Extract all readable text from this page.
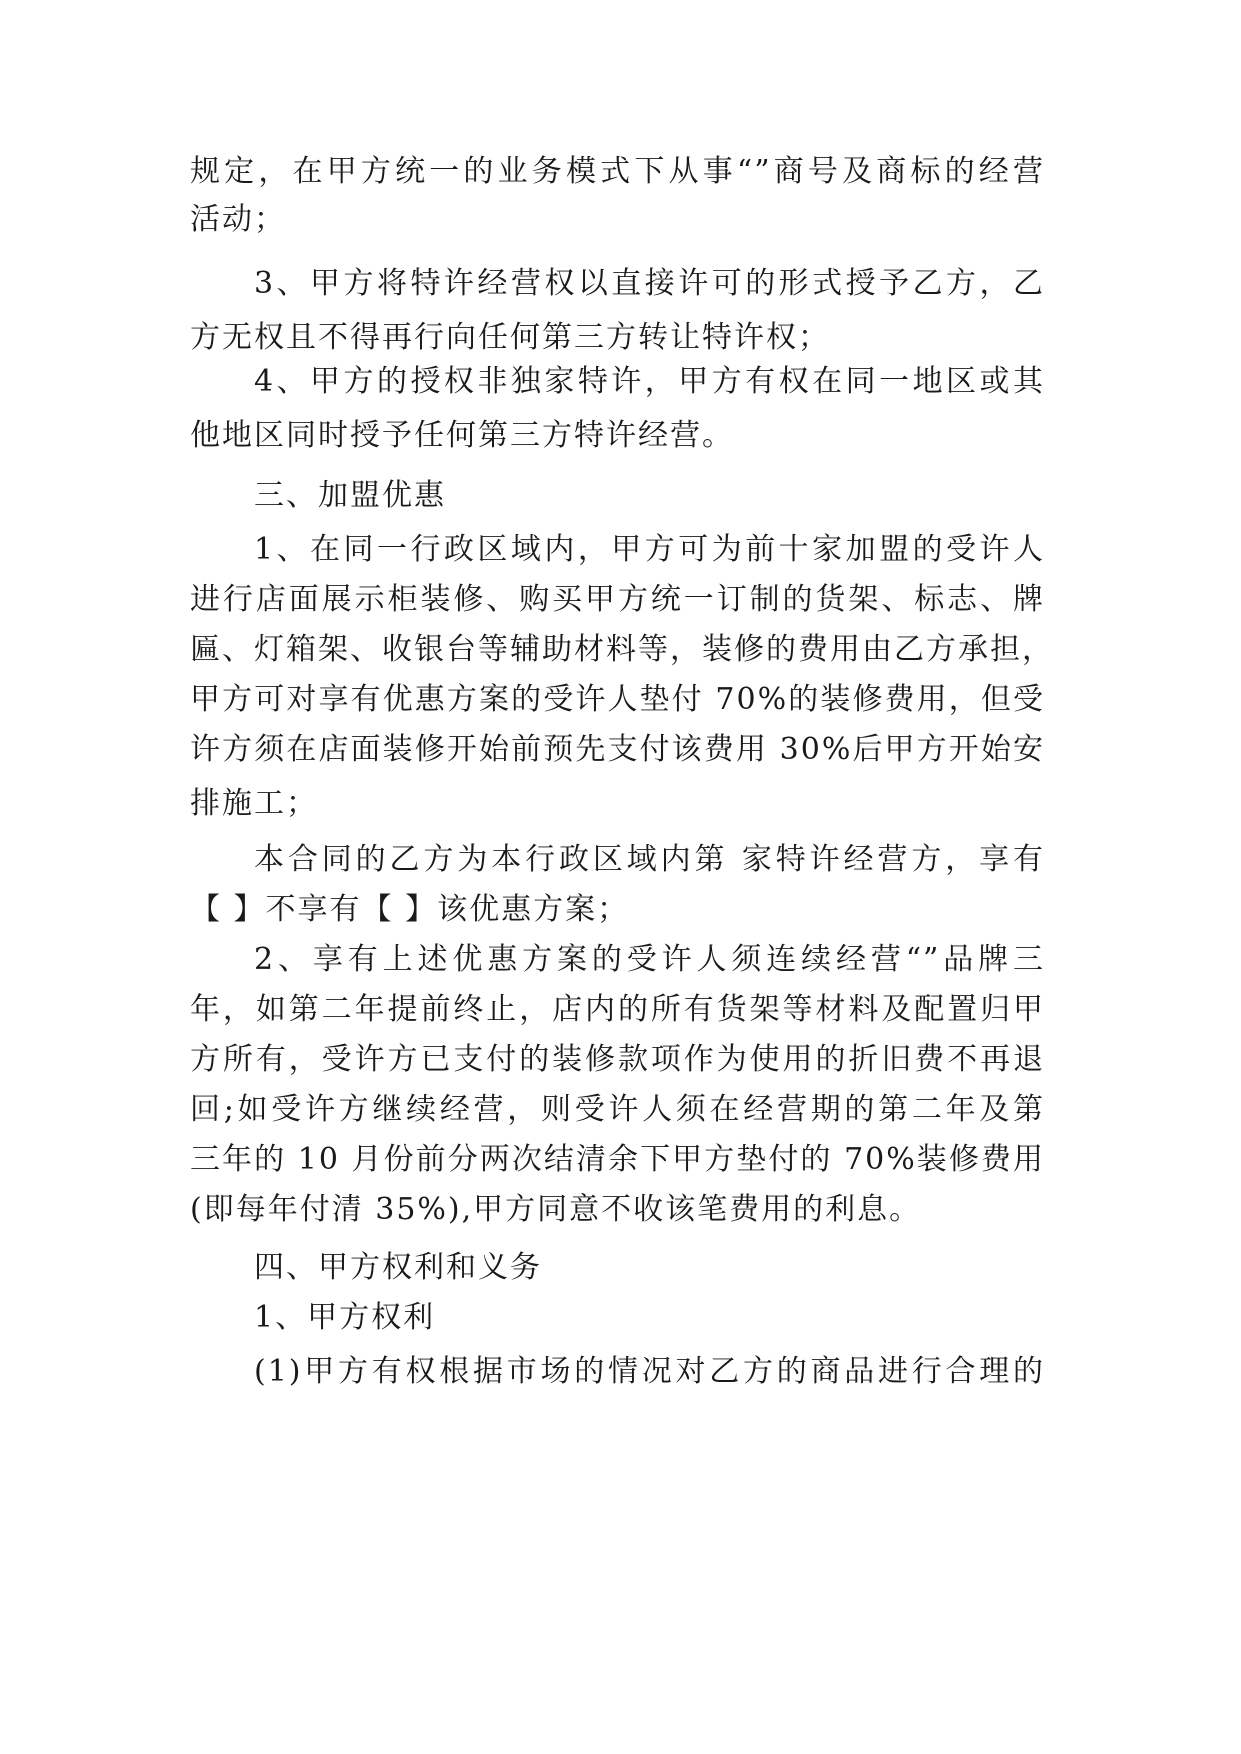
规定，在甲方统一的业务模式下从事“”商号及商标的经营
活动；
3、甲方将特许经营权以直接许可的形式授予乙方，乙
方无权且不得再行向任何第三方转让特许权；
4、甲方的授权非独家特许，甲方有权在同一地区或其
他地区同时授予任何第三方特许经营。
三、加盟优惠
1、在同一行政区域内，甲方可为前十家加盟的受许人
进行店面展示柜装修、购买甲方统一订制的货架、标志、牌
匾、灯箱架、收银台等辅助材料等，装修的费用由乙方承担，
甲方可对享有优惠方案的受许人垫付 70%的装修费用，但受
许方须在店面装修开始前预先支付该费用 30%后甲方开始安
排施工；
本合同的乙方为本行政区域内第 家特许经营方，享有
【 】不享有【 】该优惠方案；
2、享有上述优惠方案的受许人须连续经营“”品牌三
年，如第二年提前终止，店内的所有货架等材料及配置归甲
方所有，受许方已支付的装修款项作为使用的折旧费不再退
回;如受许方继续经营，则受许人须在经营期的第二年及第
三年的 10 月份前分两次结清余下甲方垫付的 70%装修费用
(即每年付清 35%),甲方同意不收该笔费用的利息。
四、甲方权利和义务
1、甲方权利
(1)甲方有权根据市场的情况对乙方的商品进行合理的
